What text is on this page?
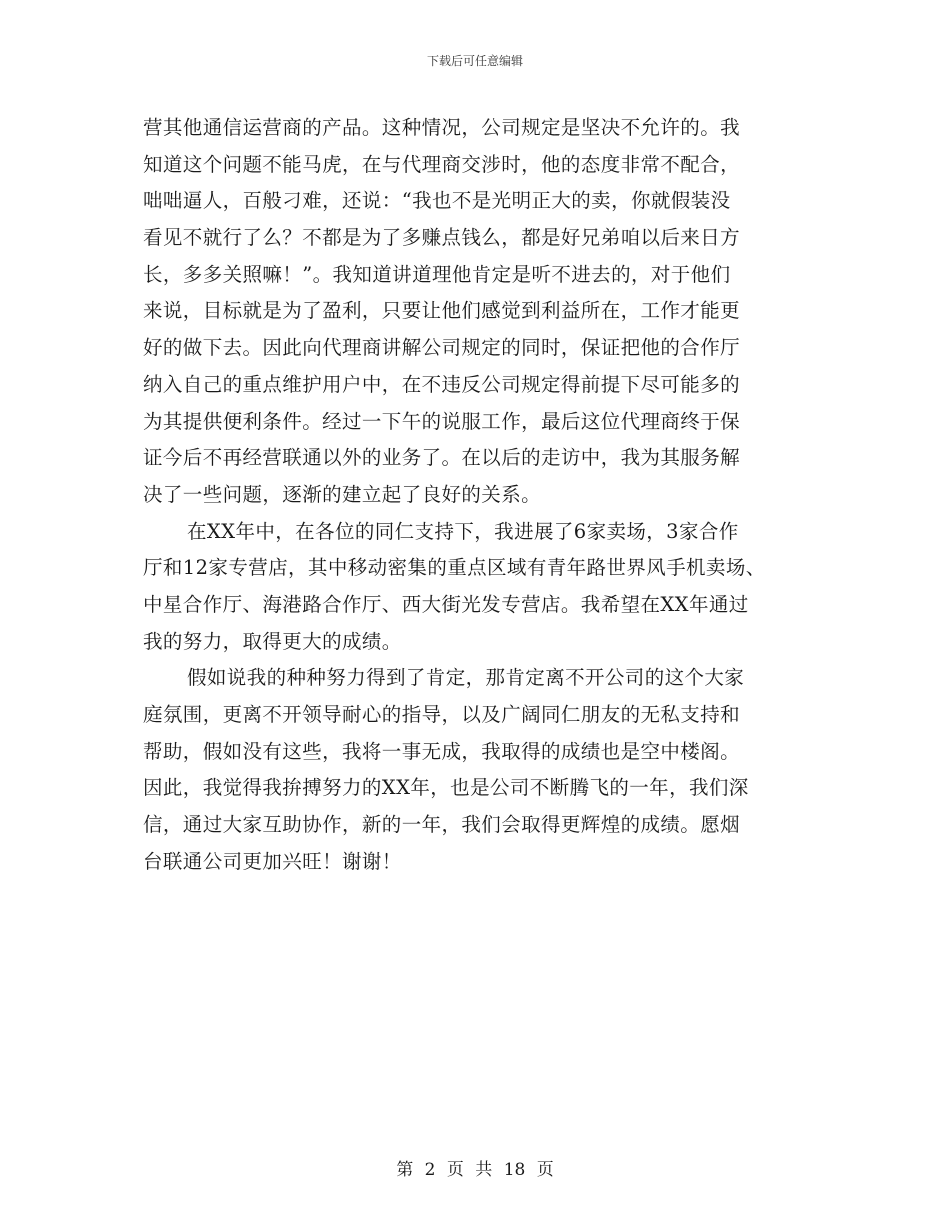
下载后可任意编辑
营其他通信运营商的产品。这种情况，公司规定是坚决不允许的。我
知道这个问题不能马虎，在与代理商交涉时，他的态度非常不配合，
咄咄逼人，百般刁难，还说：“我也不是光明正大的卖，你就假装没
看见不就行了么？不都是为了多赚点钱么，都是好兄弟咱以后来日方
长，多多关照嘛！”。我知道讲道理他肯定是听不进去的，对于他们
来说，目标就是为了盈利，只要让他们感觉到利益所在，工作才能更
好的做下去。因此向代理商讲解公司规定的同时，保证把他的合作厅
纳入自己的重点维护用户中，在不违反公司规定得前提下尽可能多的
为其提供便利条件。经过一下午的说服工作，最后这位代理商终于保
证今后不再经营联通以外的业务了。在以后的走访中，我为其服务解
决了一些问题，逐渐的建立起了良好的关系。
在XX年中，在各位的同仁支持下，我进展了6家卖场，3家合作
厅和12家专营店，其中移动密集的重点区域有青年路世界风手机卖场、
中星合作厅、海港路合作厅、西大街光发专营店。我希望在XX年通过
我的努力，取得更大的成绩。
假如说我的种种努力得到了肯定，那肯定离不开公司的这个大家
庭氛围，更离不开领导耐心的指导，以及广阔同仁朋友的无私支持和
帮助，假如没有这些，我将一事无成，我取得的成绩也是空中楼阁。
因此，我觉得我拚搏努力的XX年，也是公司不断腾飞的一年，我们深
信，通过大家互助协作，新的一年，我们会取得更辉煌的成绩。愿烟
台联通公司更加兴旺！谢谢！
第 2 页 共 18 页
